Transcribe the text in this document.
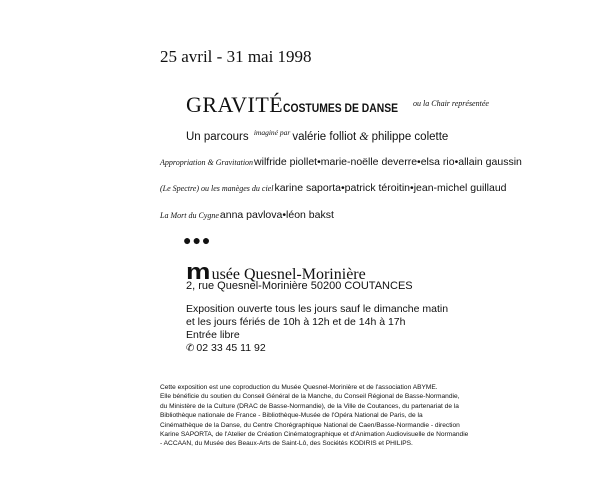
25 avril - 31 mai 1998
GRAVITÉCOSTUMES DE DANSE $^{ou la Chair représentée}$
Un parcours $^{imaginé par}$ valérie folliot & philippe colette
Appropriation & Gravitationwilfride piollet•marie-noëlle deverre•elsa rio•allain gaussin
(Le Spectre) ou les manèges du cielkarine saporta•patrick téroitin•jean-michel guillaud
La Mort du Cygneanna pavlova•léon bakst
●●●
musée Quesnel-Morinière
2, rue Quesnel-Morinière 50200 COUTANCES
Exposition ouverte tous les jours sauf le dimanche matin
et les jours fériés de 10h à 12h et de 14h à 17h
Entrée libre
✆ 02 33 45 11 92
Cette exposition est une coproduction du Musée Quesnel-Morinière et de l'association ABYME.
Elle bénéficie du soutien du Conseil Général de la Manche, du Conseil Régional de Basse-Normandie,
du Ministère de la Culture (DRAC de Basse-Normandie), de la Ville de Coutances, du partenariat de la
Bibliothèque nationale de France - Bibliothèque-Musée de l'Opéra National de Paris, de la
Cinémathèque de la Danse, du Centre Chorégraphique National de Caen/Basse-Normandie - direction
Karine SAPORTA, de l'Atelier de Création Cinématographique et d'Animation Audiovisuelle de Normandie
- ACCAAN, du Musée des Beaux-Arts de Saint-Lô, des Sociétés KODIRIS et PHILIPS.
